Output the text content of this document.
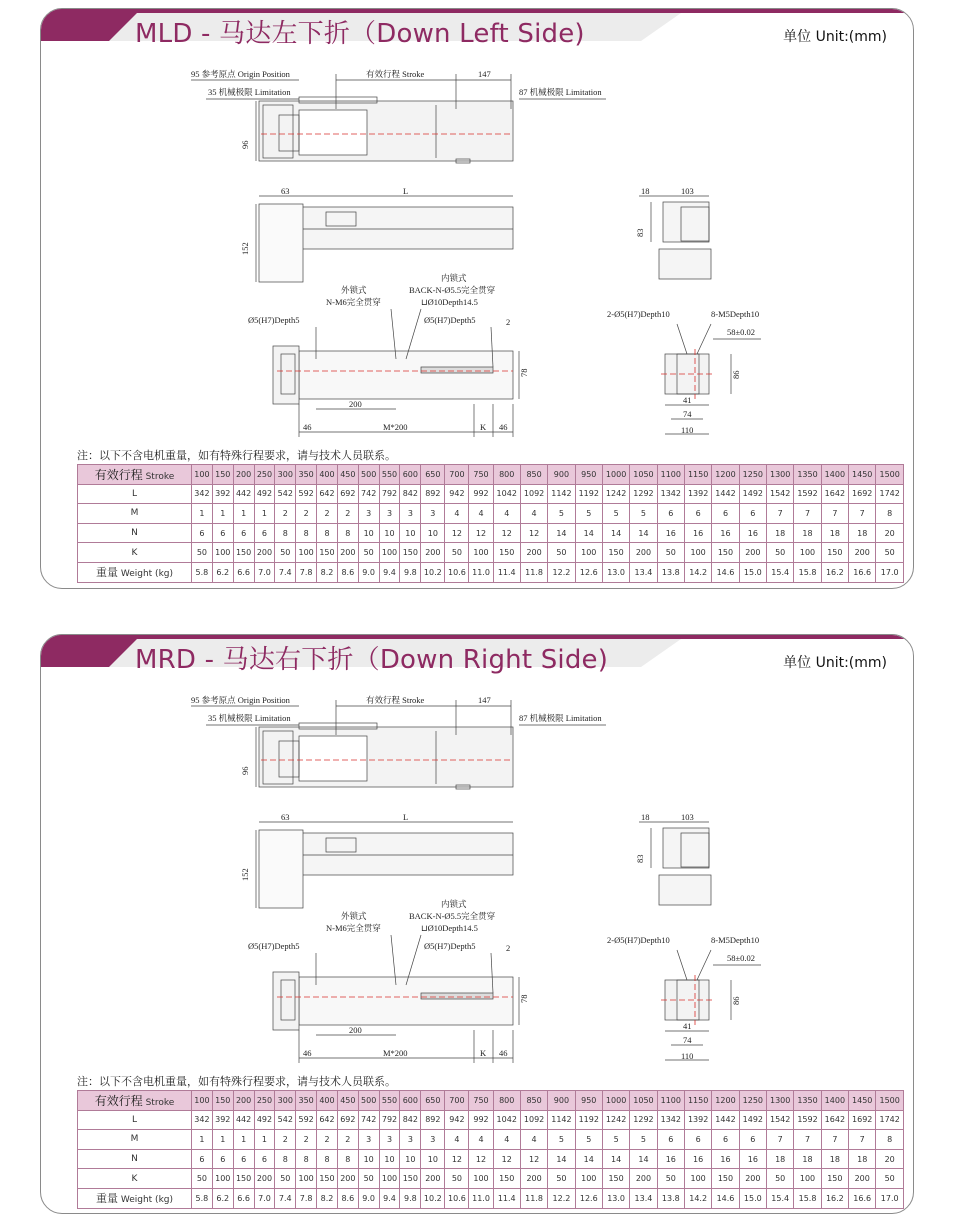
MLD - 马达左下折（Down Left Side)	单位 Unit:(mm)
95 参考原点 Origin Position	有效行程 Stroke	147
35 机械极限 Limitation	87 机械极限 Limitation
96
63	L
152
18	103
83
外锁式
N-M6完全贯穿
内锁式
BACK-N-Ø5.5完全贯穿
⊔Ø10Depth14.5
Ø5(H7)Depth5	Ø5(H7)Depth5	2
78
200
46	M*200	K 46
2-Ø5(H7)Depth10	8-M5Depth10
58±0.02
86
41
74
110
注：以下不含电机重量，如有特殊行程要求，请与技术人员联系。
有效行程 Stroke	100	150	200	250	300	350	400	450	500	550	600	650	700	750	800	850	900	950	1000	1050	1100	1150	1200	1250	1300	1350	1400	1450	1500
L	342	392	442	492	542	592	642	692	742	792	842	892	942	992	1042	1092	1142	1192	1242	1292	1342	1392	1442	1492	1542	1592	1642	1692	1742
M	1	1	1	1	2	2	2	2	3	3	3	3	4	4	4	4	5	5	5	5	6	6	6	6	7	7	7	7	8
N	6	6	6	6	8	8	8	8	10	10	10	10	12	12	12	12	14	14	14	14	16	16	16	16	18	18	18	18	20
K	50	100	150	200	50	100	150	200	50	100	150	200	50	100	150	200	50	100	150	200	50	100	150	200	50	100	150	200	50
重量 Weight (kg)	5.8	6.2	6.6	7.0	7.4	7.8	8.2	8.6	9.0	9.4	9.8	10.2	10.6	11.0	11.4	11.8	12.2	12.6	13.0	13.4	13.8	14.2	14.6	15.0	15.4	15.8	16.2	16.6	17.0
MRD - 马达右下折（Down Right Side)	单位 Unit:(mm)
95 参考原点 Origin Position	有效行程 Stroke	147
35 机械极限 Limitation	87 机械极限 Limitation
96
63	L
152
18	103
83
外锁式
N-M6完全贯穿
内锁式
BACK-N-Ø5.5完全贯穿
⊔Ø10Depth14.5
Ø5(H7)Depth5	Ø5(H7)Depth5	2
78
200
46	M*200	K 46
2-Ø5(H7)Depth10	8-M5Depth10
58±0.02
86
41
74
110
注：以下不含电机重量，如有特殊行程要求，请与技术人员联系。
有效行程 Stroke	100	150	200	250	300	350	400	450	500	550	600	650	700	750	800	850	900	950	1000	1050	1100	1150	1200	1250	1300	1350	1400	1450	1500
L	342	392	442	492	542	592	642	692	742	792	842	892	942	992	1042	1092	1142	1192	1242	1292	1342	1392	1442	1492	1542	1592	1642	1692	1742
M	1	1	1	1	2	2	2	2	3	3	3	3	4	4	4	4	5	5	5	5	6	6	6	6	7	7	7	7	8
N	6	6	6	6	8	8	8	8	10	10	10	10	12	12	12	12	14	14	14	14	16	16	16	16	18	18	18	18	20
K	50	100	150	200	50	100	150	200	50	100	150	200	50	100	150	200	50	100	150	200	50	100	150	200	50	100	150	200	50
重量 Weight (kg)	5.8	6.2	6.6	7.0	7.4	7.8	8.2	8.6	9.0	9.4	9.8	10.2	10.6	11.0	11.4	11.8	12.2	12.6	13.0	13.4	13.8	14.2	14.6	15.0	15.4	15.8	16.2	16.6	17.0
